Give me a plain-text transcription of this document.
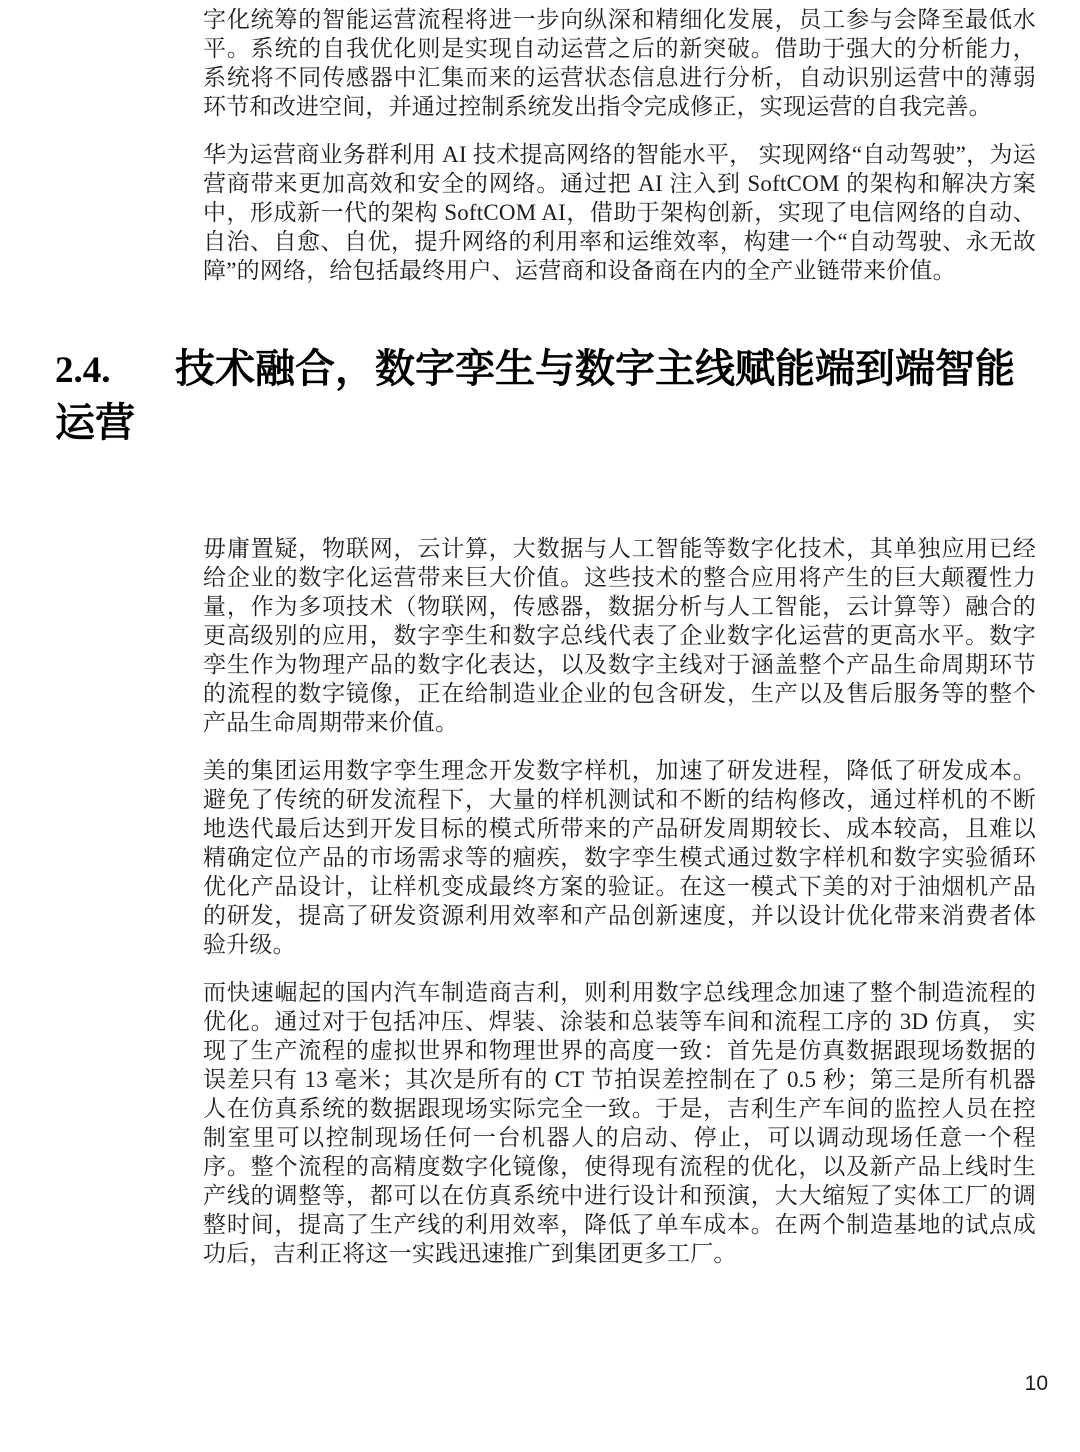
字化统筹的智能运营流程将进一步向纵深和精细化发展，员工参与会降至最低水平。系统的自我优化则是实现自动运营之后的新突破。借助于强大的分析能力，系统将不同传感器中汇集而来的运营状态信息进行分析，自动识别运营中的薄弱环节和改进空间，并通过控制系统发出指令完成修正，实现运营的自我完善。

华为运营商业务群利用 AI 技术提高网络的智能水平， 实现网络“自动驾驶”，为运营商带来更加高效和安全的网络。通过把 AI 注入到 SoftCOM 的架构和解决方案中，形成新一代的架构 SoftCOM AI，借助于架构创新，实现了电信网络的自动、自治、自愈、自优，提升网络的利用率和运维效率，构建一个“自动驾驶、永无故障”的网络，给包括最终用户、运营商和设备商在内的全产业链带来价值。

2.4. 技术融合，数字孪生与数字主线赋能端到端智能
运营

毋庸置疑，物联网，云计算，大数据与人工智能等数字化技术，其单独应用已经给企业的数字化运营带来巨大价值。这些技术的整合应用将产生的巨大颠覆性力量，作为多项技术（物联网，传感器，数据分析与人工智能，云计算等）融合的更高级别的应用，数字孪生和数字总线代表了企业数字化运营的更高水平。数字孪生作为物理产品的数字化表达，以及数字主线对于涵盖整个产品生命周期环节的流程的数字镜像，正在给制造业企业的包含研发，生产以及售后服务等的整个产品生命周期带来价值。

美的集团运用数字孪生理念开发数字样机，加速了研发进程，降低了研发成本。避免了传统的研发流程下，大量的样机测试和不断的结构修改，通过样机的不断地迭代最后达到开发目标的模式所带来的产品研发周期较长、成本较高，且难以精确定位产品的市场需求等的痼疾，数字孪生模式通过数字样机和数字实验循环优化产品设计，让样机变成最终方案的验证。在这一模式下美的对于油烟机产品的研发，提高了研发资源利用效率和产品创新速度，并以设计优化带来消费者体验升级。

而快速崛起的国内汽车制造商吉利，则利用数字总线理念加速了整个制造流程的优化。通过对于包括冲压、焊装、涂装和总装等车间和流程工序的 3D 仿真， 实现了生产流程的虚拟世界和物理世界的高度一致：首先是仿真数据跟现场数据的误差只有 13 毫米；其次是所有的 CT 节拍误差控制在了 0.5 秒；第三是所有机器人在仿真系统的数据跟现场实际完全一致。于是，吉利生产车间的监控人员在控制室里可以控制现场任何一台机器人的启动、停止，可以调动现场任意一个程序。整个流程的高精度数字化镜像，使得现有流程的优化，以及新产品上线时生产线的调整等，都可以在仿真系统中进行设计和预演，大大缩短了实体工厂的调整时间，提高了生产线的利用效率，降低了单车成本。在两个制造基地的试点成功后，吉利正将这一实践迅速推广到集团更多工厂。

10
